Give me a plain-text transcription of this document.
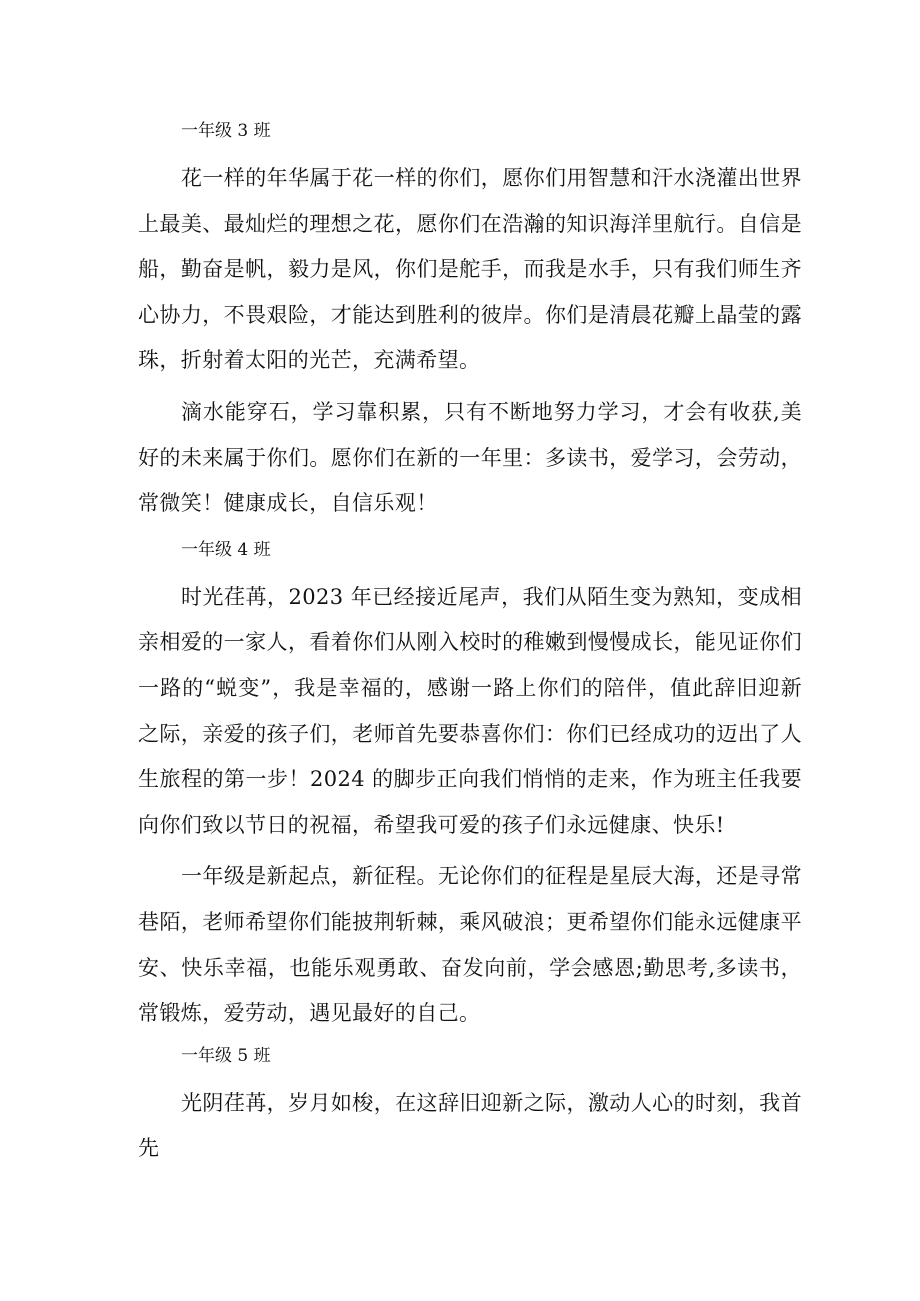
一年级 3 班

花一样的年华属于花一样的你们，愿你们用智慧和汗水浇灌出世界上最美、最灿烂的理想之花，愿你们在浩瀚的知识海洋里航行。自信是船，勤奋是帆，毅力是风，你们是舵手，而我是水手，只有我们师生齐心协力，不畏艰险，才能达到胜利的彼岸。你们是清晨花瓣上晶莹的露珠，折射着太阳的光芒，充满希望。

滴水能穿石，学习靠积累，只有不断地努力学习，才会有收获,美好的未来属于你们。愿你们在新的一年里：多读书，爱学习，会劳动，常微笑！健康成长，自信乐观！

一年级 4 班

时光荏苒，2023 年已经接近尾声，我们从陌生变为熟知，变成相亲相爱的一家人，看着你们从刚入校时的稚嫩到慢慢成长，能见证你们一路的“蜕变”，我是幸福的，感谢一路上你们的陪伴，值此辞旧迎新之际，亲爱的孩子们，老师首先要恭喜你们：你们已经成功的迈出了人生旅程的第一步！2024 的脚步正向我们悄悄的走来，作为班主任我要向你们致以节日的祝福，希望我可爱的孩子们永远健康、快乐!

一年级是新起点，新征程。无论你们的征程是星辰大海，还是寻常巷陌，老师希望你们能披荆斩棘，乘风破浪；更希望你们能永远健康平安、快乐幸福，也能乐观勇敢、奋发向前，学会感恩;勤思考,多读书，常锻炼，爱劳动，遇见最好的自己。

一年级 5 班

光阴荏苒，岁月如梭，在这辞旧迎新之际，激动人心的时刻，我首先
